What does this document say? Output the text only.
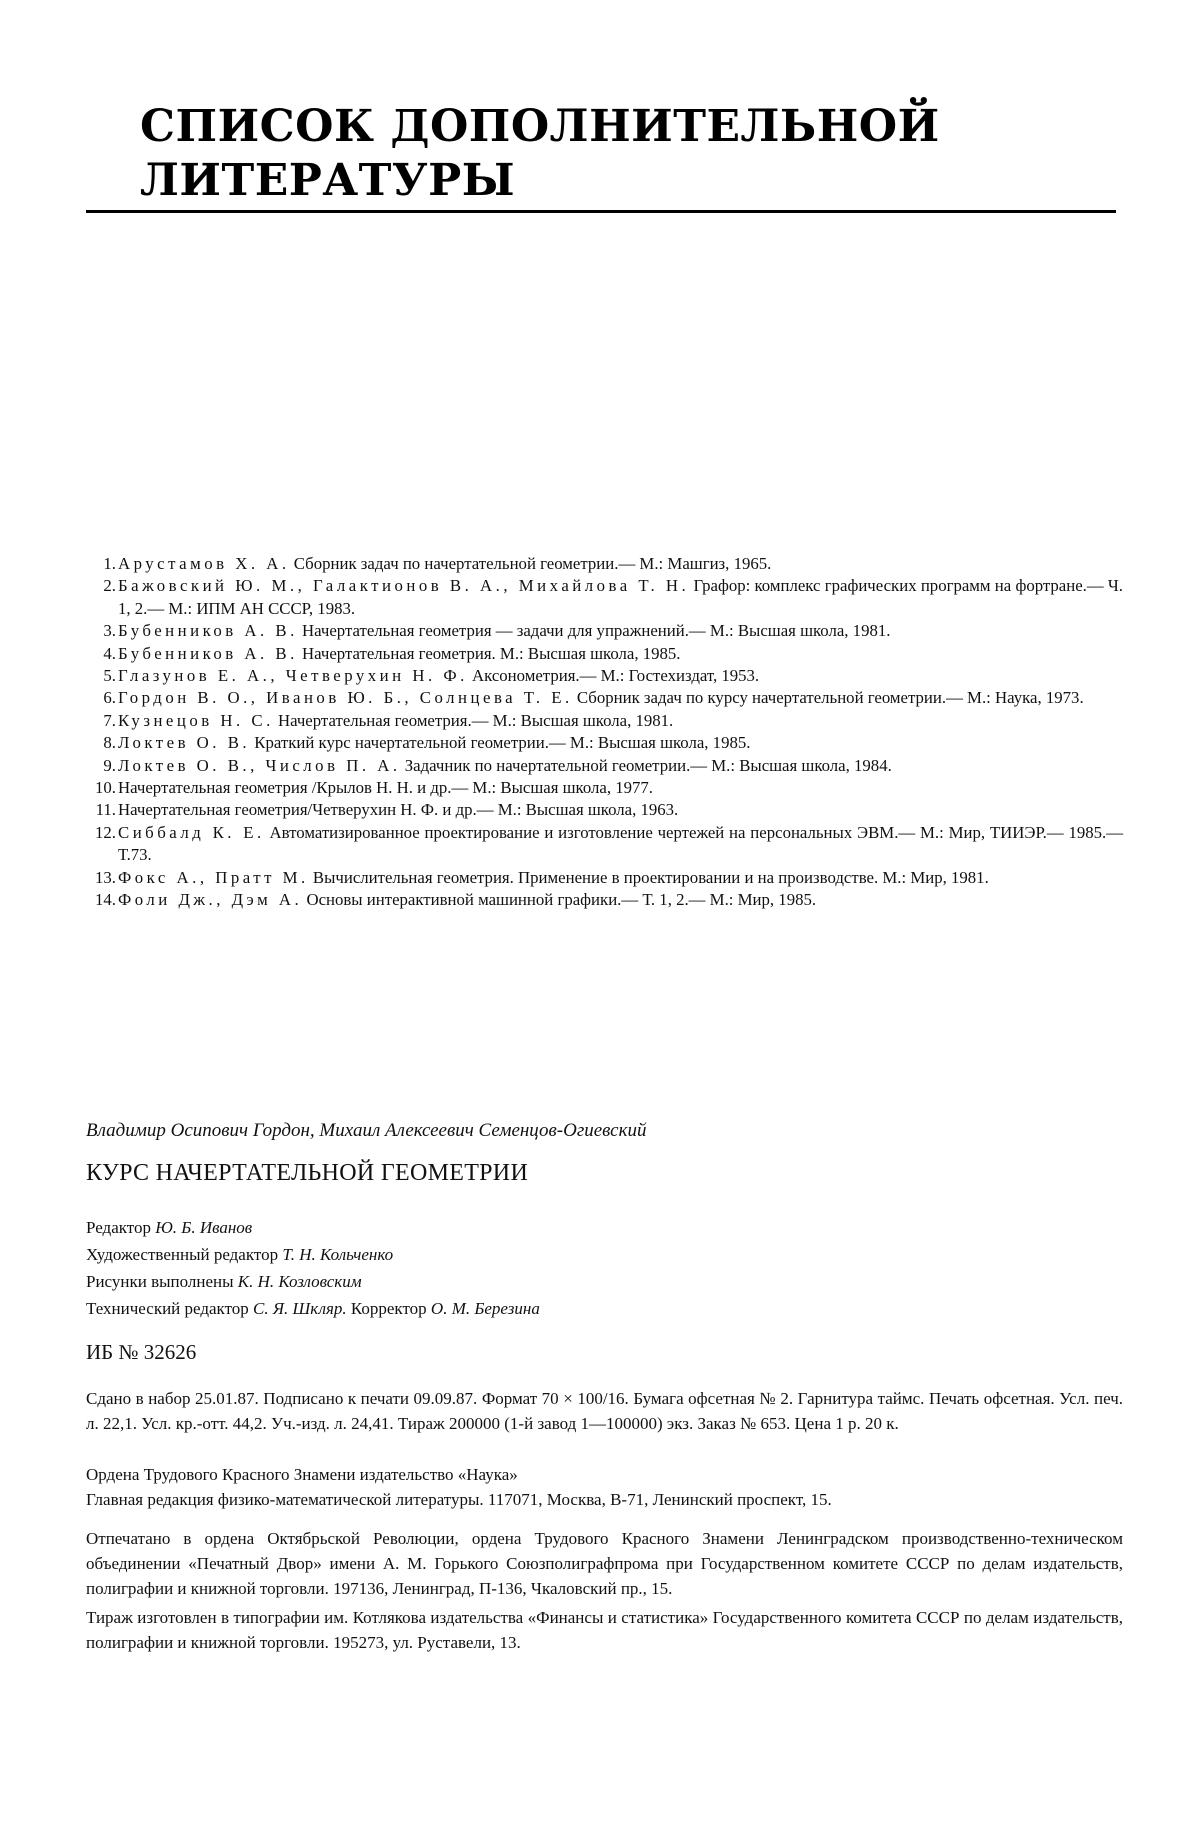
СПИСОК ДОПОЛНИТЕЛЬНОЙ
ЛИТЕРАТУРЫ
1. Арустамов Х. А. Сборник задач по начертательной геометрии.— М.: Машгиз, 1965.
2. Бажовский Ю. М., Галактионов В. А., Михайлова Т. Н. Графор: комплекс графических программ на фортране.— Ч. 1, 2.— М.: ИПМ АН СССР, 1983.
3. Бубенников А. В. Начертательная геометрия — задачи для упражнений.— М.: Высшая школа, 1981.
4. Бубенников А. В. Начертательная геометрия. М.: Высшая школа, 1985.
5. Глазунов Е. А., Четверухин Н. Ф. Аксонометрия.— М.: Гостехиздат, 1953.
6. Гордон В. О., Иванов Ю. Б., Солнцева Т. Е. Сборник задач по курсу начертательной геометрии.— М.: Наука, 1973.
7. Кузнецов Н. С. Начертательная геометрия.— М.: Высшая школа, 1981.
8. Локтев О. В. Краткий курс начертательной геометрии.— М.: Высшая школа, 1985.
9. Локтев О. В., Числов П. А. Задачник по начертательной геометрии.— М.: Высшая школа, 1984.
10. Начертательная геометрия /Крылов Н. Н. и др.— М.: Высшая школа, 1977.
11. Начертательная геометрия/Четверухин Н. Ф. и др.— М.: Высшая школа, 1963.
12. Сиббалд К. Е. Автоматизированное проектирование и изготовление чертежей на персональных ЭВМ.— М.: Мир, ТИИЭР.— 1985.— Т.73.
13. Фокс А., Пратт М. Вычислительная геометрия. Применение в проектировании и на производстве. М.: Мир, 1981.
14. Фоли Дж., Дэм А. Основы интерактивной машинной графики.— Т. 1, 2.— М.: Мир, 1985.

Владимир Осипович Гордон, Михаил Алексеевич Семенцов-Огиевский

КУРС НАЧЕРТАТЕЛЬНОЙ ГЕОМЕТРИИ

Редактор Ю. Б. Иванов

Художественный редактор Т. Н. Кольченко

Рисунки выполнены К. Н. Козловским

Технический редактор С. Я. Шкляр. Корректор О. М. Березина

ИБ № 32626
Сдано в набор 25.01.87. Подписано к печати 09.09.87. Формат 70 × 100/16. Бумага офсетная № 2. Гарнитура таймс. Печать офсетная. Усл. печ. л. 22,1. Усл. кр.-отт. 44,2. Уч.-изд. л. 24,41. Тираж 200000 (1-й завод 1—100000) экз. Заказ № 653. Цена 1 р. 20 к.

Ордена Трудового Красного Знамени издательство «Наука»

Главная редакция физико-математической литературы. 117071, Москва, В-71, Ленинский проспект, 15.

Отпечатано в ордена Октябрьской Революции, ордена Трудового Красного Знамени Ленинградском производственно-техническом объединении «Печатный Двор» имени А. М. Горького Союзполиграфпрома при Государственном комитете СССР по делам издательств, полиграфии и книжной торговли. 197136, Ленинград, П-136, Чкаловский пр., 15.

Тираж изготовлен в типографии им. Котлякова издательства «Финансы и статистика» Государственного комитета СССР по делам издательств, полиграфии и книжной торговли. 195273, ул. Руставели, 13.
